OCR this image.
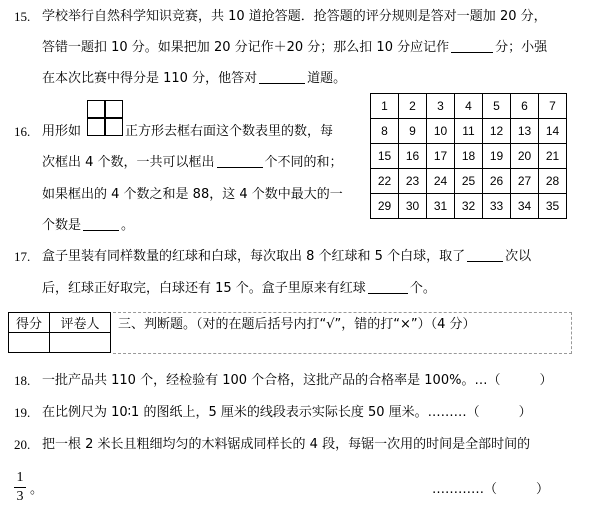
15. 学校举行自然科学知识竞赛，共 10 道抢答题．抢答题的评分规则是答对一题加 20 分，
答错一题扣 10 分。如果把加 20 分记作＋20 分；那么扣 10 分应记作	分；小强
在本次比赛中得分是 110 分，他答对	道题。
16. 用形如	正方形去框右面这个数表里的数，每
次框出 4 个数，一共可以框出	个不同的和；
如果框出的 4 个数之和是 88，这 4 个数中最大的一
个数是	。
1	2	3	4	5	6	7
8	9	10	11	12	13	14
15	16	17	18	19	20	21
22	23	24	25	26	27	28
29	30	31	32	33	34	35
17. 盒子里装有同样数量的红球和白球，每次取出 8 个红球和 5 个白球，取了	次以
后，红球正好取完，白球还有 15 个。盒子里原来有红球	个。
得分	评卷人
	三、判断题。（对的在题后括号内打“√”，错的打“×”）（4 分）
18. 一批产品共 110 个，经检验有 100 个合格，这批产品的合格率是 100%。…（　　　）
19. 在比例尺为 10∶1 的图纸上，5 厘米的线段表示实际长度 50 厘米。………（　　　）
20. 把一根 2 米长且粗细均匀的木料锯成同样长的 4 段，每锯一次用的时间是全部时间的
1
3 。	…………（　　　）
